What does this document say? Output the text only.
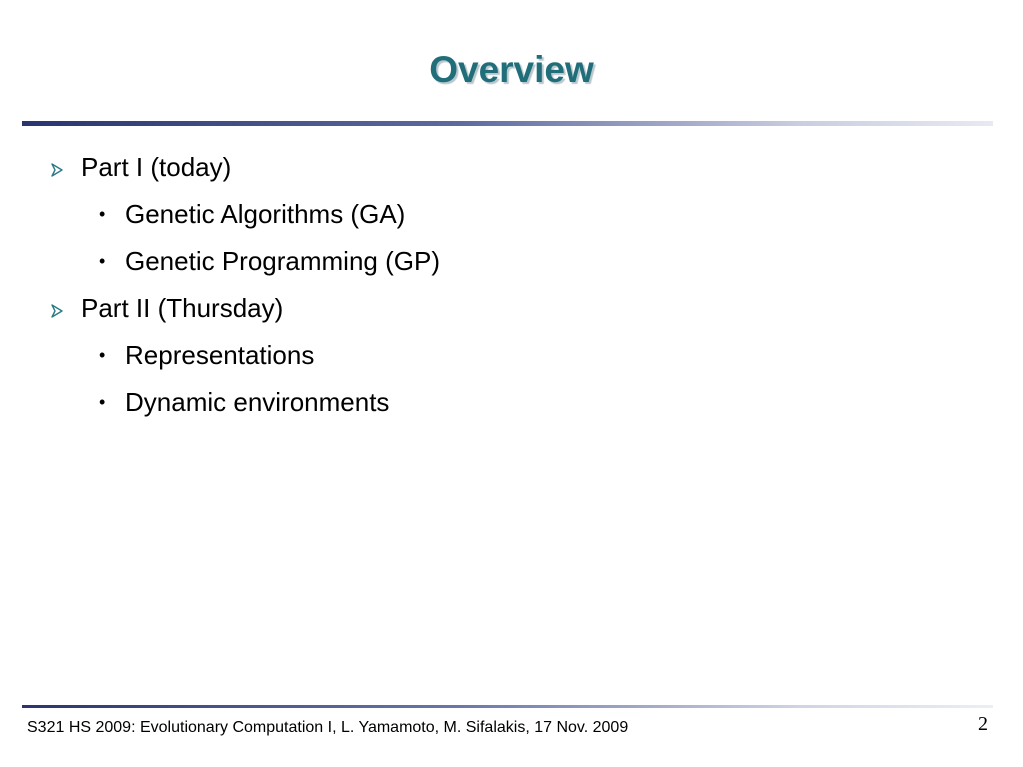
Overview
Part I (today)
• Genetic Algorithms (GA)
• Genetic Programming (GP)
Part II (Thursday)
• Representations
• Dynamic environments
S321 HS 2009: Evolutionary Computation I, L. Yamamoto, M. Sifalakis, 17 Nov. 2009	2
